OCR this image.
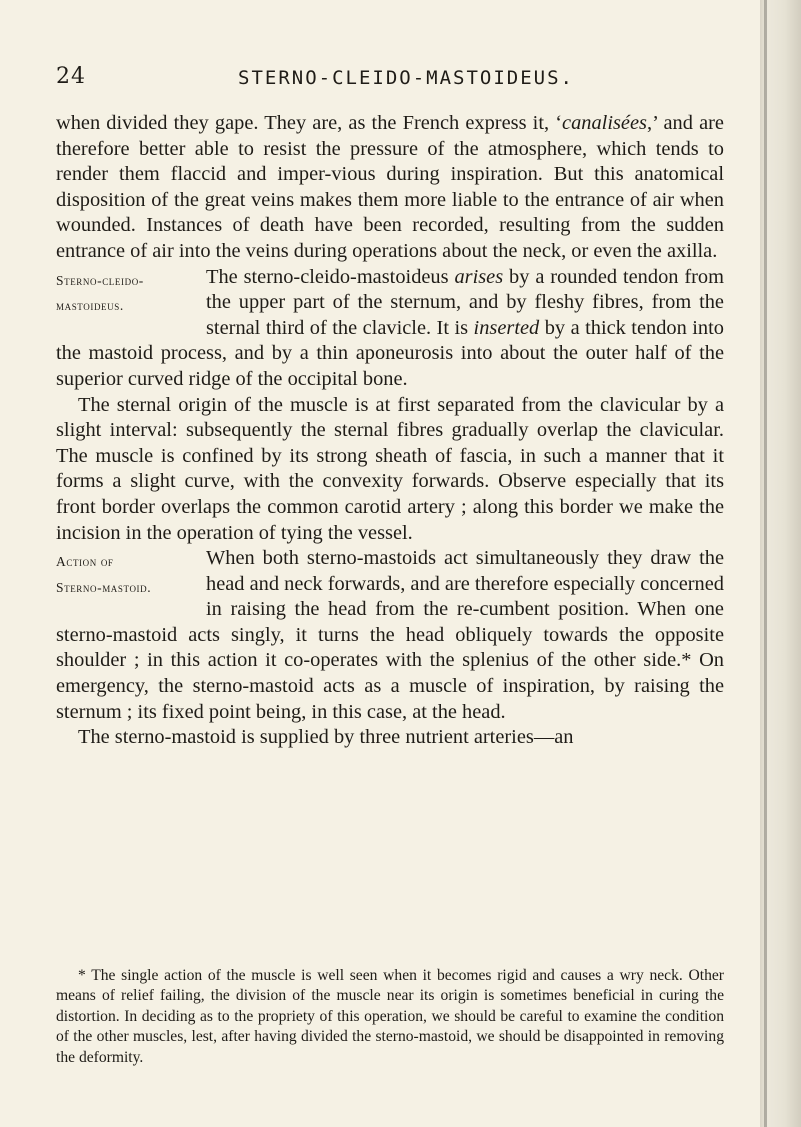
24	STERNO-CLEIDO-MASTOIDEUS.

when divided they gape. They are, as the French express it, ‘canalisées,’ and are therefore better able to resist the pressure of the atmosphere, which tends to render them flaccid and imper-vious during inspiration. But this anatomical disposition of the great veins makes them more liable to the entrance of air when wounded. Instances of death have been recorded, resulting from the sudden entrance of air into the veins during operations about the neck, or even the axilla.

Sterno-cleido-
mastoideus.

The sterno-cleido-mastoideus arises by a rounded tendon from the upper part of the sternum, and by fleshy fibres, from the sternal third of the clavicle. It is inserted by a thick tendon into the mastoid process, and by a thin aponeurosis into about the outer half of the superior curved ridge of the occipital bone.

The sternal origin of the muscle is at first separated from the clavicular by a slight interval: subsequently the sternal fibres gradually overlap the clavicular. The muscle is confined by its strong sheath of fascia, in such a manner that it forms a slight curve, with the convexity forwards. Observe especially that its front border overlaps the common carotid artery ; along this border we make the incision in the operation of tying the vessel.

Action of
Sterno-mastoid.

When both sterno-mastoids act simultaneously they draw the head and neck forwards, and are therefore especially concerned in raising the head from the re-cumbent position. When one sterno-mastoid acts singly, it turns the head obliquely towards the opposite shoulder ; in this action it co-operates with the splenius of the other side.* On emergency, the sterno-mastoid acts as a muscle of inspiration, by raising the sternum ; its fixed point being, in this case, at the head.

The sterno-mastoid is supplied by three nutrient arteries—an

* The single action of the muscle is well seen when it becomes rigid and causes a wry neck. Other means of relief failing, the division of the muscle near its origin is sometimes beneficial in curing the distortion. In deciding as to the propriety of this operation, we should be careful to examine the condition of the other muscles, lest, after having divided the sterno-mastoid, we should be disappointed in removing the deformity.
